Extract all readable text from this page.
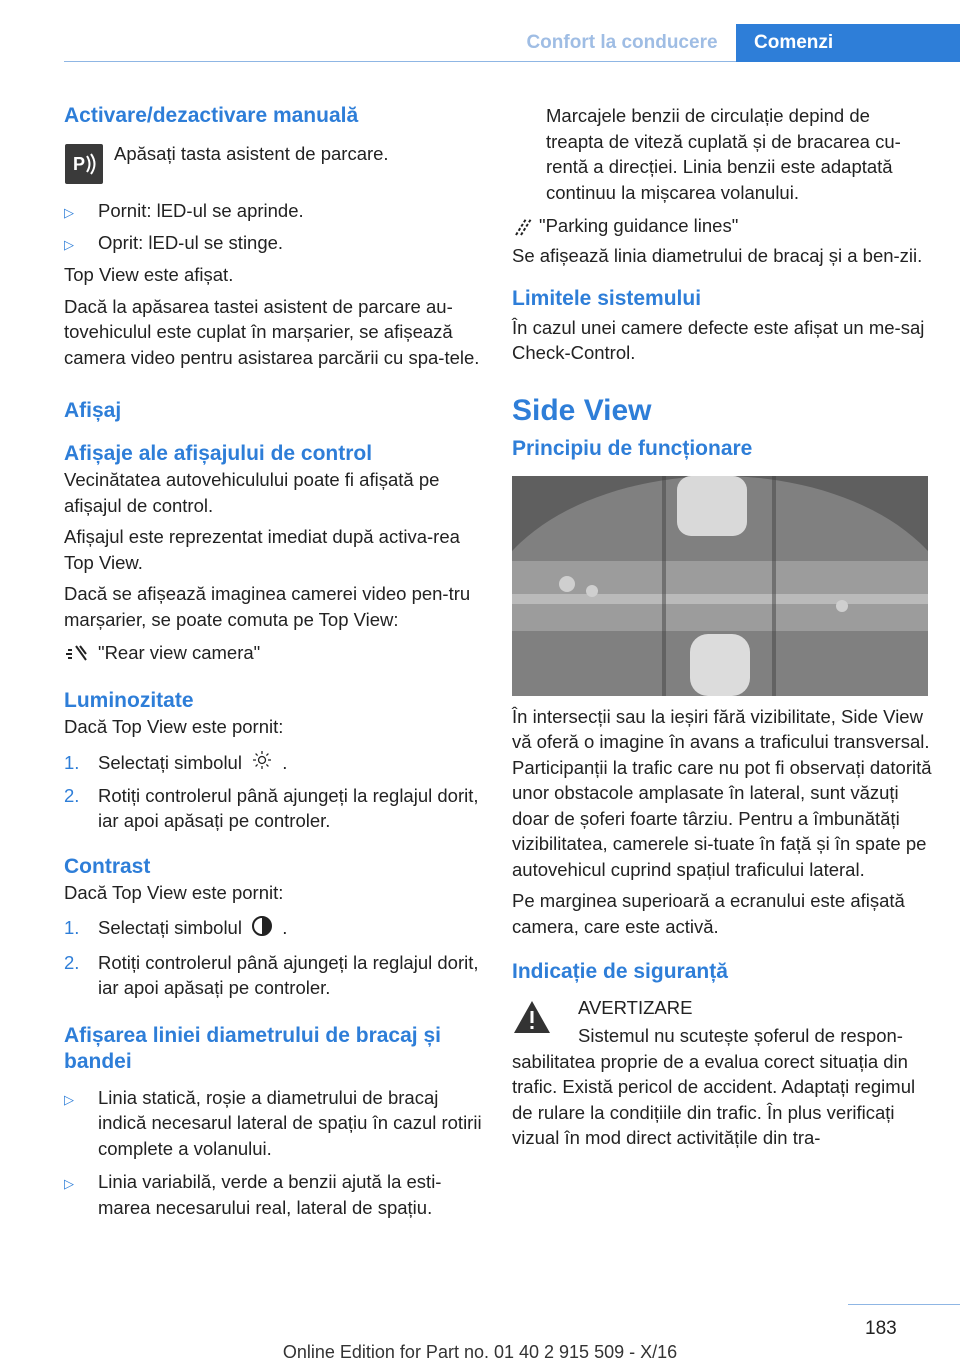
Confort la conducere	Comenzi
Activare/dezactivare manuală
P Apăsați tasta asistent de parcare.

▷ Pornit: lED-ul se aprinde.
▷ Oprit: lED-ul se stinge.

Top View este afișat.

Dacă la apăsarea tastei asistent de parcare au-tovehiculul este cuplat în marșarier, se afișează camera video pentru asistarea parcării cu spa-tele.

Afișaj
Afișaje ale afișajului de control

Vecinătatea autovehiculului poate fi afișată pe afișajul de control.

Afișajul este reprezentat imediat după activa-rea Top View.

Dacă se afișează imaginea camerei video pen-tru marșarier, se poate comuta pe Top View:

"Rear view camera"

Luminozitate

Dacă Top View este pornit:

1. Selectați simbolul .
2. Rotiți controlerul până ajungeți la reglajul dorit, iar apoi apăsați pe controler.
Contrast

Dacă Top View este pornit:

1. Selectați simbolul .
2. Rotiți controlerul până ajungeți la reglajul dorit, iar apoi apăsați pe controler.
Afișarea liniei diametrului de bracaj și bandei
▷ Linia statică, roșie a diametrului de bracaj indică necesarul lateral de spațiu în cazul rotirii complete a volanului.
▷ Linia variabilă, verde a benzii ajută la esti-marea necesarului real, lateral de spațiu.

Marcajele benzii de circulație depind de treapta de viteză cuplată și de bracarea cu-rentă a direcției. Linia benzii este adaptată continuu la mișcarea volanului.

"Parking guidance lines"

Se afișează linia diametrului de bracaj și a ben-zii.

Limitele sistemului

În cazul unei camere defecte este afișat un me-saj Check-Control.

Side View
Principiu de funcționare

În intersecții sau la ieșiri fără vizibilitate, Side View vă oferă o imagine în avans a traficului transversal. Participanții la trafic care nu pot fi observați datorită unor obstacole amplasate în lateral, sunt văzuți doar de șoferi foarte târziu. Pentru a îmbunătăți vizibilitatea, camerele si-tuate în față și în spate pe autovehicul cuprind spațiul traficului lateral.

Pe marginea superioară a ecranului este afișată camera, care este activă.

Indicație de siguranță

AVERTIZARE

Sistemul nu scutește șoferul de respon-sabilitatea proprie de a evalua corect situația din trafic. Există pericol de accident. Adaptați regimul de rulare la condițiile din trafic. În plus verificați vizual în mod direct activitățile din tra-

183
Online Edition for Part no. 01 40 2 915 509 - X/16
